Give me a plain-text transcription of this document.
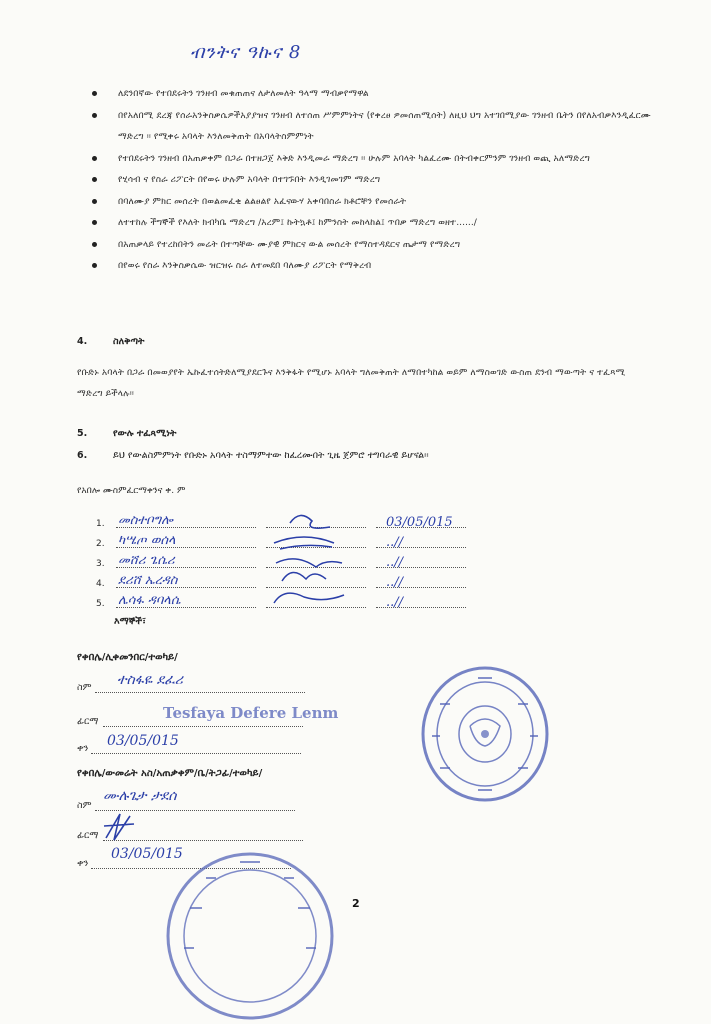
ብንትና ዓኩና 8
ለደንበኛው የተበደሩትን ገንዘብ መቁጠጠና ለታለመለት ዓላማ ማብቃየማዋል
በየአለበሚ ደረጃ የሰራአንቅስቃሴዎችአያያዝና ገንዘብ ለተሰጠ ሥምምነትና (የቀረፀ ዎመሰጠሚሰት) ለዚህ ህግ አተገበሚያው ገንዘብ ቤትን በየለአብቃእንዲፈርሙ ማድረግ ፡፡ የሚቀሩ አባላት እንለመቅጠት በአባላትስምምነት
የተበደሩትን ገንዘብ በአጠቃቀም በጋራ በተዘጋጀ እቅድ እንዲመራ ማድረግ ፡፡ ሁሉም አባላት ካልፈረሙ በትብቀርምንም ገንዘብ ወጪ አለማድረግ
የሂሳብ ና የስራ ሪፖርት በየወሩ ሁሉም አባላት በተገኙበት እንዲገመገም ማድረግ
በባለሙያ ምክር መሰረት በወልመፈቂ ልልፀልየ አፈናውሃ አቀባበስራ ክቶሮቸን የመሰራት
ለተተከሉ ችግኞች የእለት ክብካቤ ማድረግ /አረም፤ ኩትኳቶ፤ ከምንስት መከላከል፤ ጥበቃ ማድረግ ወዘተ....../
በአጠቃላይ የተረከበትን መሬት በተጣቸው ሙያዊ ምክርና ውል መሰረት የማስተዳደርና ጤታማ የማድረግ
በየወሩ የስራ እንቅስቃሴው ዝርዝሩ ስራ ለተመደበ ባለሙያ ሪፖርት የማቅረብ
4.	ስለቅጣት
የቡድኑ አባላት በጋራ በመወያየት ኤኩፈተሰትድለሚያደርጉና እንቅፋት የሚሆኑ አባላት ግለመቅጠት ለማበተካከል ወይም ለማስወገድ ውስጠ ደንብ ማውጣት ና ተፈጻሚ ማድረግ ይችላሉ፡፡
5.	የውሉ ተፈጻሚነት
6.	ይህ የውልስምምነት የቡድኑ አባላት ተስማምተው ከፈረሙበት ጊዜ ጀምሮ ተግባራዊ ይሆናል፡፡
የአበሎ ሙስምፈርማቀንና ቀ. ም
1. መስተቦግሎ	03/05/015
2. ካሤጦ ወሰላ	..//
3. መሸሪ ጌሴሪ	..//
4. ደሪሸ ኤረዳስ	..//
5. ሌሳፋ ዳባላሴ	..//
እማኞች፣
የቀበሌ/ሊቀመንበር/ተወካይ/
ስም ተስፋዬ ደፈሪ
ፊርማ
ቀን 03/05/015
Tesfaya Defere Lenm
የቀበሌ/ውመሬት አስ/አጠቃቀም/ቤ/ትጋፊ/ተወካይ/
ስም
ሙሉጌታ ታደሰ
ፊርማ
ቀን
03/05/015
2
